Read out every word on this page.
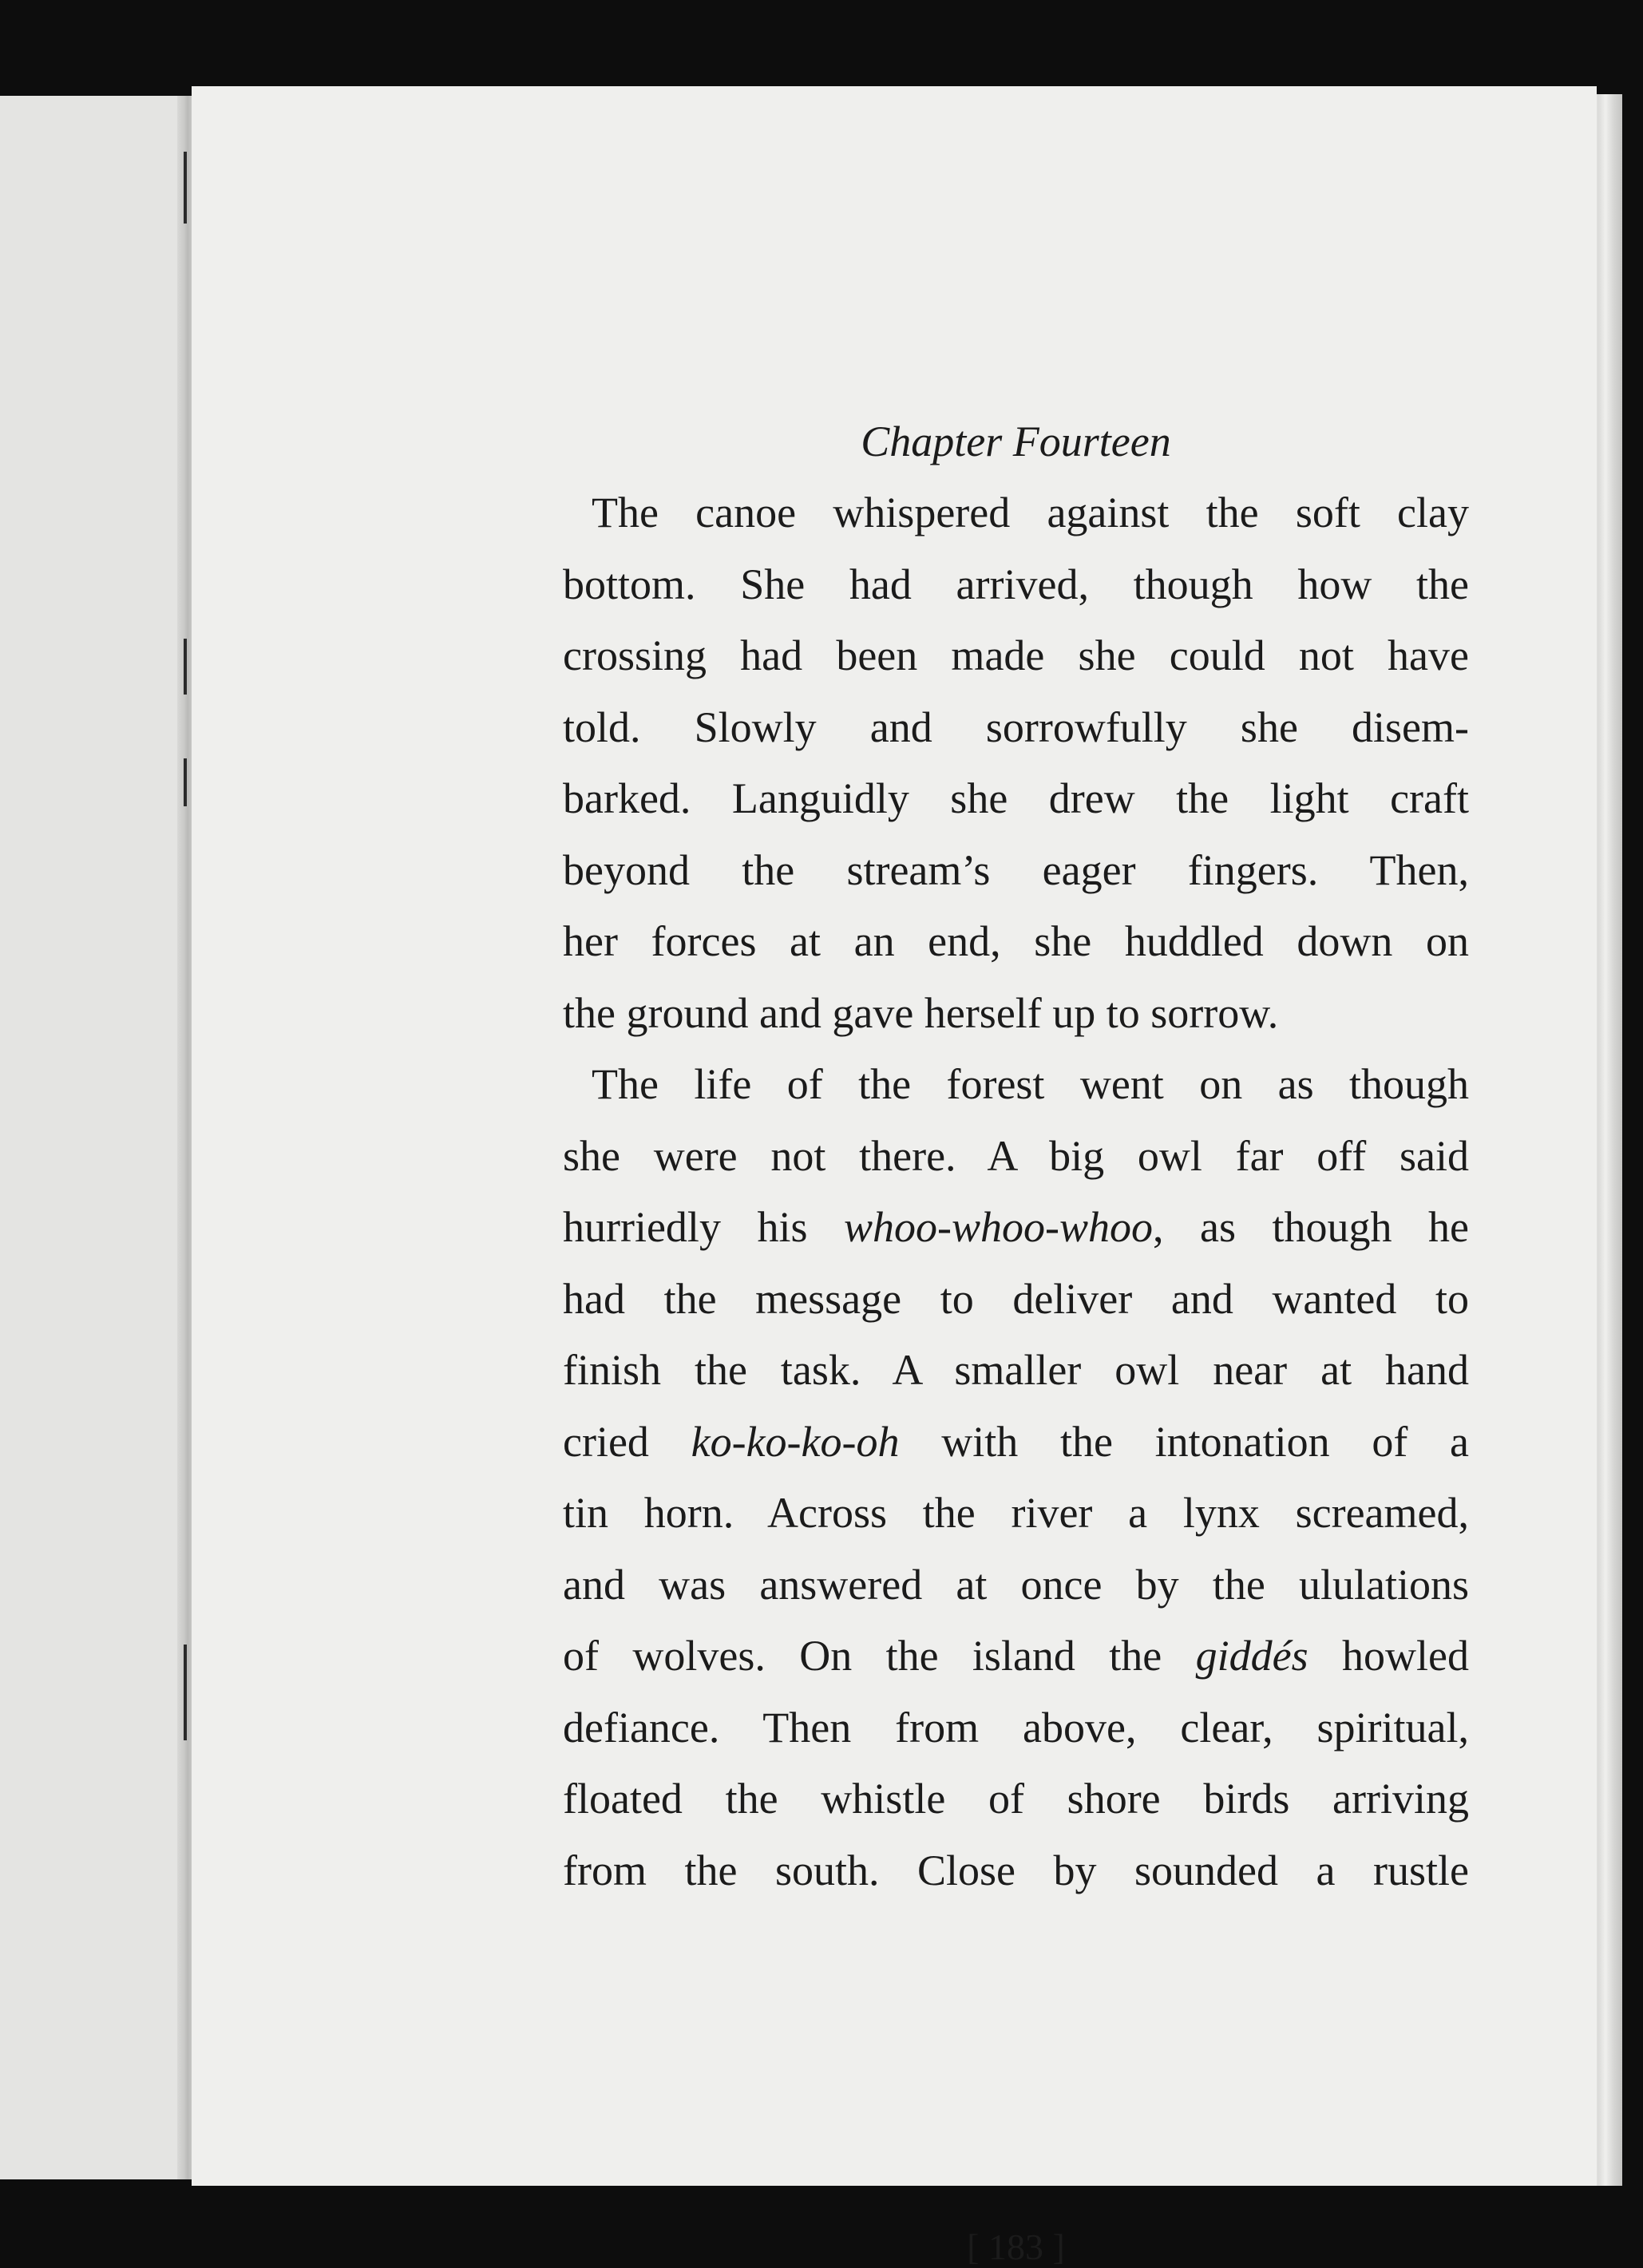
Chapter Fourteen

The canoe whispered against the soft clay
bottom. She had arrived, though how the
crossing had been made she could not have
told. Slowly and sorrowfully she disem-
barked. Languidly she drew the light craft
beyond the stream’s eager fingers. Then,
her forces at an end, she huddled down on
the ground and gave herself up to sorrow.

The life of the forest went on as though
she were not there. A big owl far off said
hurriedly his whoo-whoo-whoo, as though he
had the message to deliver and wanted to
finish the task. A smaller owl near at hand
cried ko-ko-ko-oh with the intonation of a
tin horn. Across the river a lynx screamed,
and was answered at once by the ululations
of wolves. On the island the giddés howled
defiance. Then from above, clear, spiritual,
floated the whistle of shore birds arriving
from the south. Close by sounded a rustle

[ 183 ]
